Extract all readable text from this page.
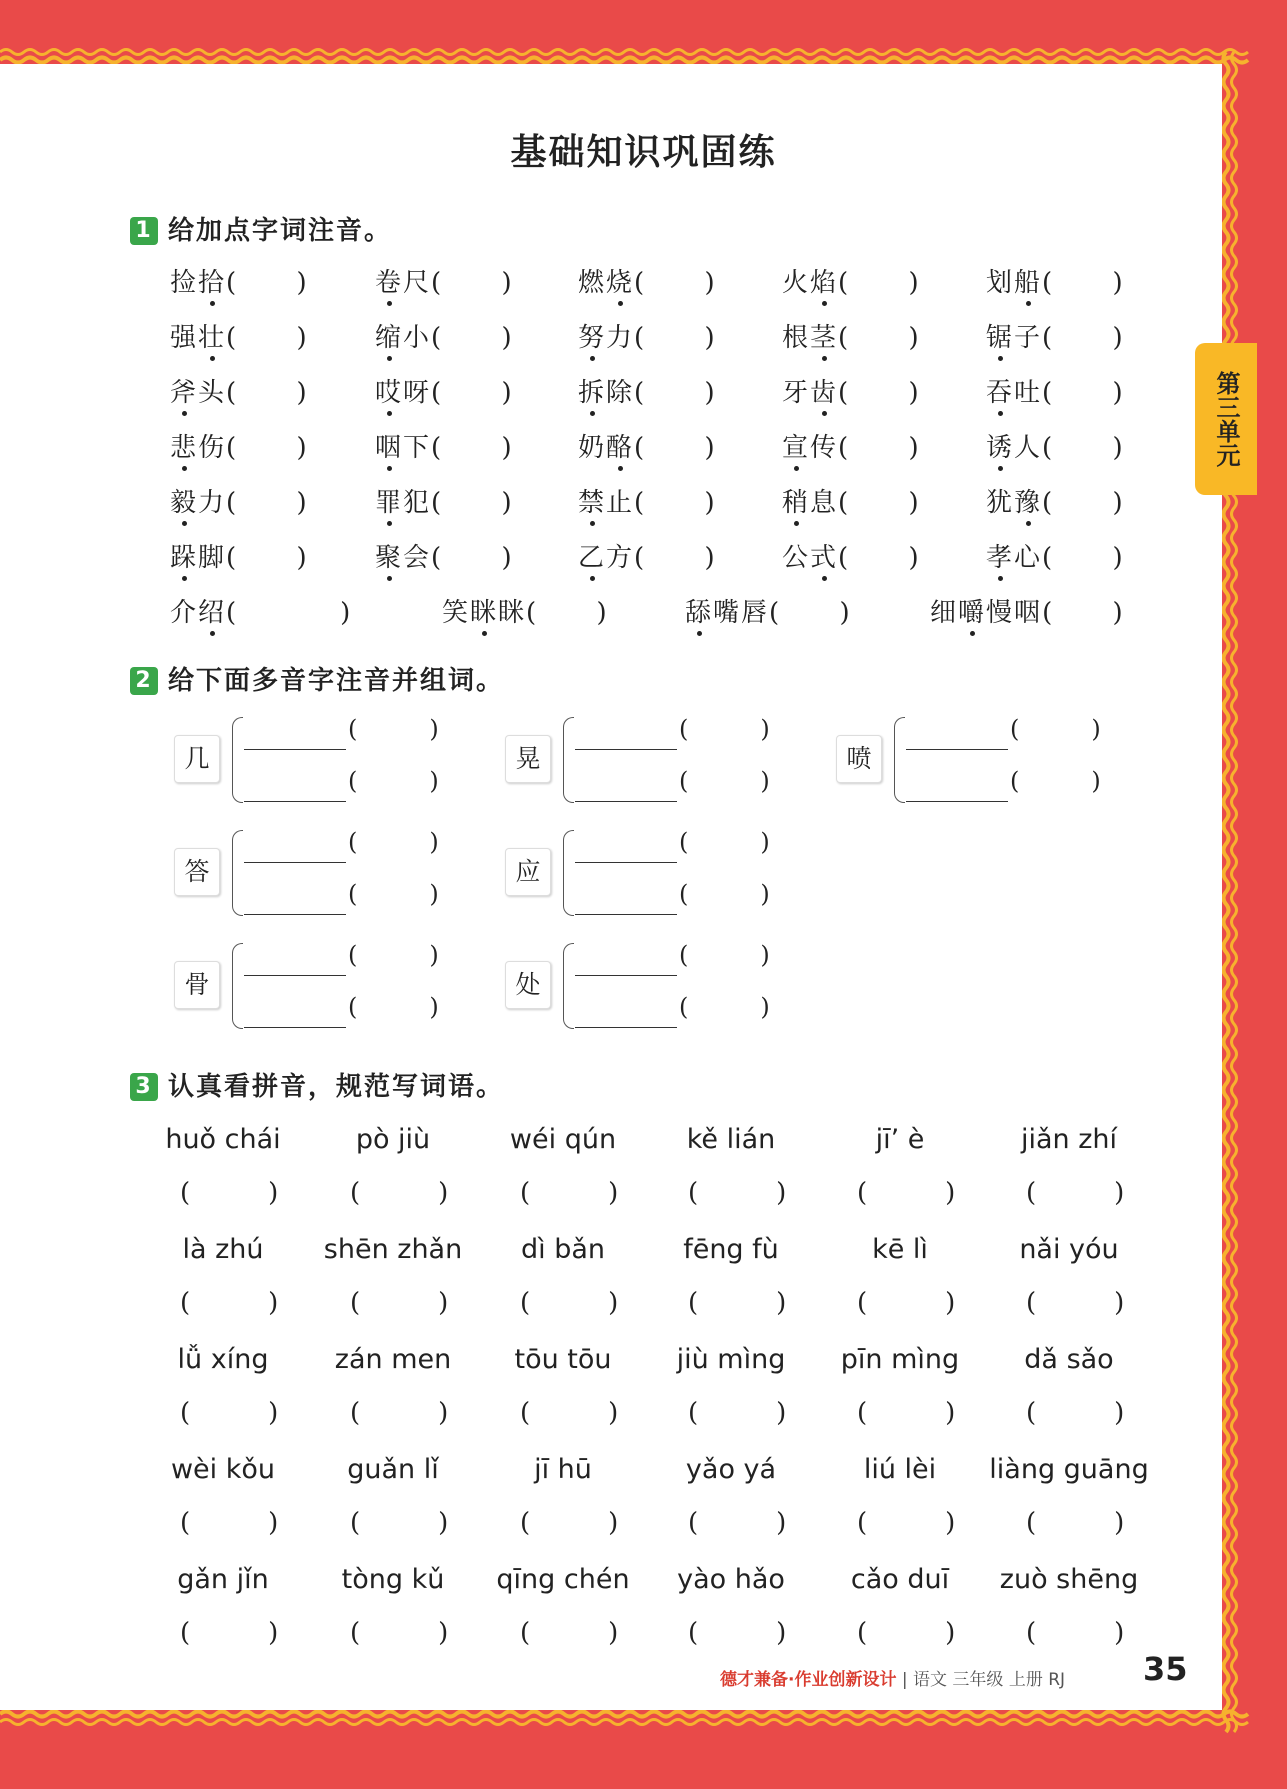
基础知识巩固练
第三单元
1 给加点字词注音。
捡拾(   )	卷尺(   )	燃烧(   )	火焰(   )	划船(   )
强壮(   )	缩小(   )	努力(   )	根茎(   )	锯子(   )
斧头(   )	哎呀(   )	拆除(   )	牙齿(   )	吞吐(   )
悲伤(   )	咽下(   )	奶酪(   )	宣传(   )	诱人(   )
毅力(   )	罪犯(   )	禁止(   )	稍息(   )	犹豫(   )
跺脚(   )	聚会(   )	乙方(   )	公式(   )	孝心(   )
介绍(    )	笑眯眯(   )	舔嘴唇(   )	细嚼慢咽(   )
2 给下面多音字注音并组词。
几
(   )
(   )
晃
(   )
(   )
喷
(   )
(   )
答
(   )
(   )
应
(   )
(   )
骨
(   )
(   )
处
(   )
(   )
3 认真看拼音，规范写词语。
huǒ chái	pò jiù	wéi qún	kě lián	jī’ è	jiǎn zhí
(   )	(   )	(   )	(   )	(   )	(   )
là zhú	shēn zhǎn	dì bǎn	fēng fù	kē lì	nǎi yóu
(   )	(   )	(   )	(   )	(   )	(   )
lǚ xíng	zán men	tōu tōu	jiù mìng	pīn mìng	dǎ sǎo
(   )	(   )	(   )	(   )	(   )	(   )
wèi kǒu	guǎn lǐ	jī hū	yǎo yá	liú lèi	liàng guāng
(   )	(   )	(   )	(   )	(   )	(   )
gǎn jǐn	tòng kǔ	qīng chén	yào hǎo	cǎo duī	zuò shēng
(   )	(   )	(   )	(   )	(   )	(   )
德才兼备·作业创新设计 | 语文 三年级 上册 RJ 35
